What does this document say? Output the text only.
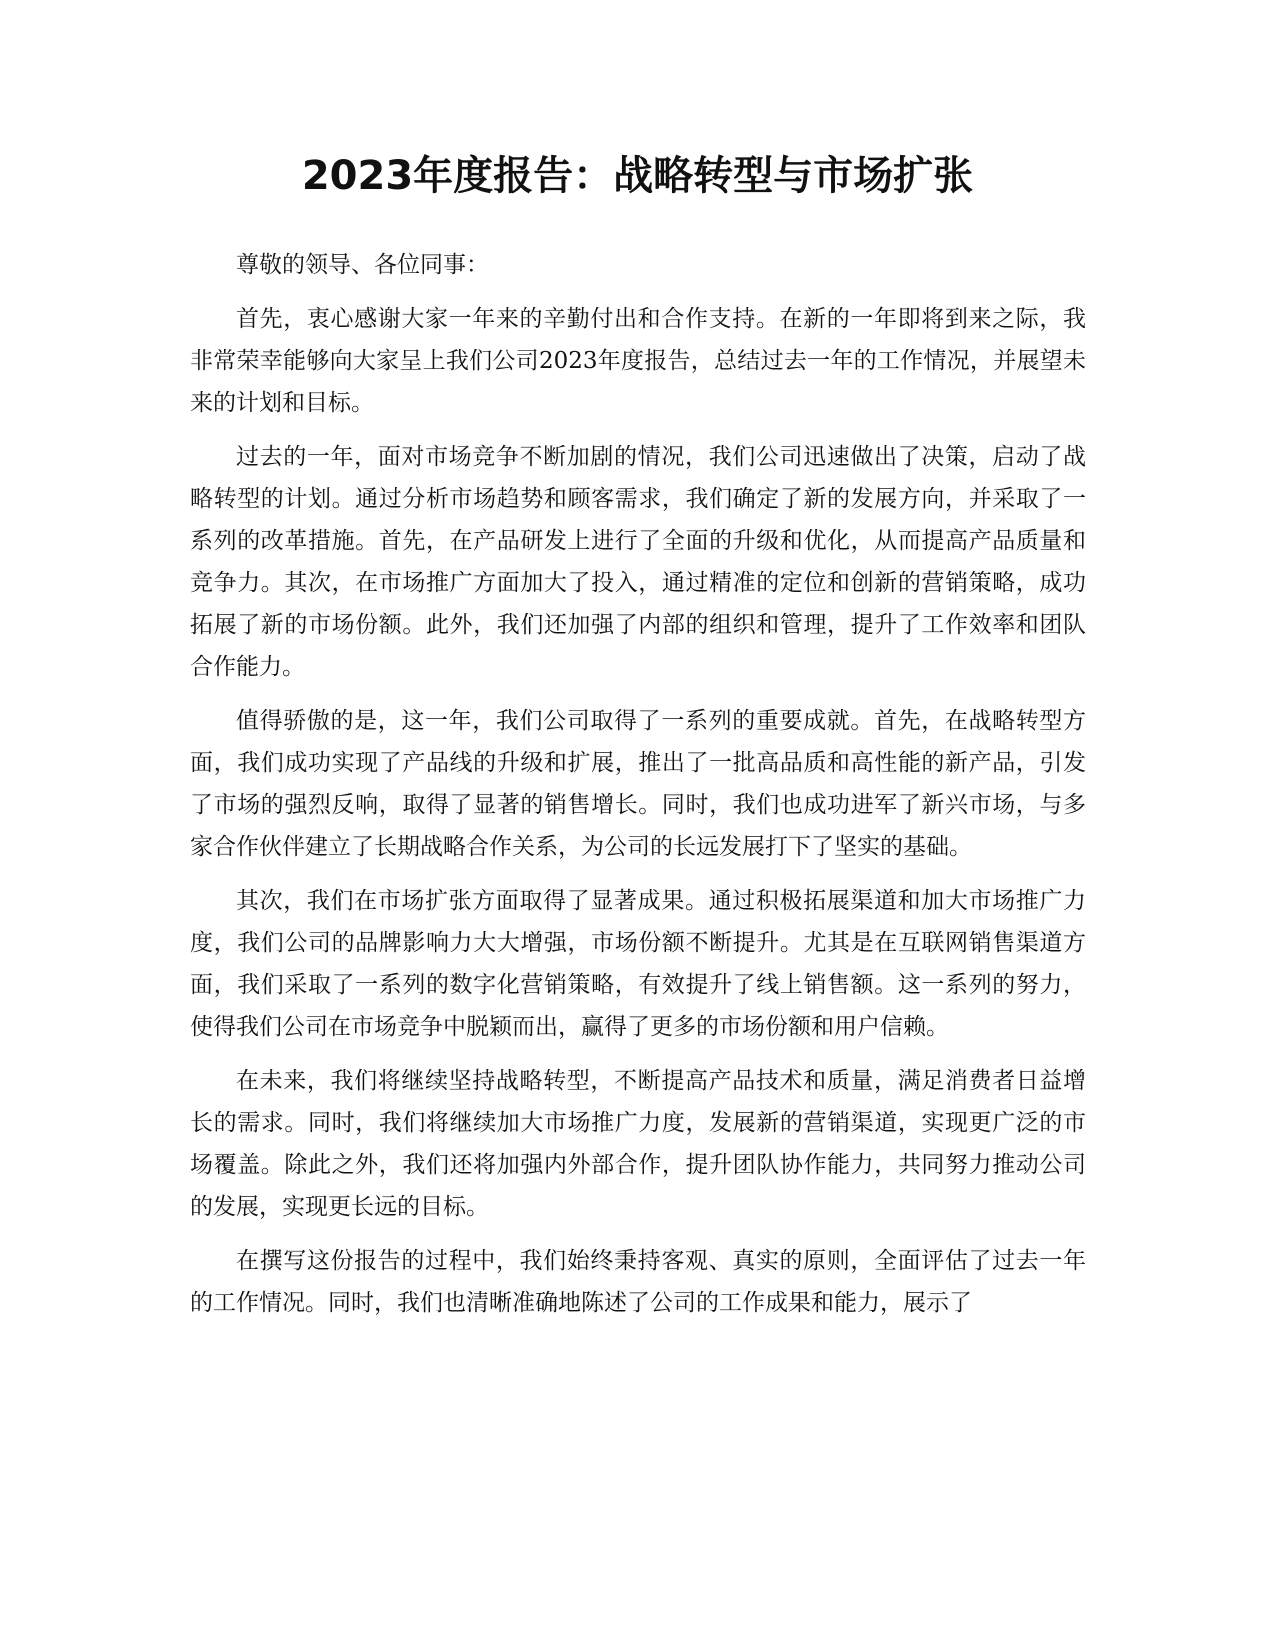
2023年度报告：战略转型与市场扩张

尊敬的领导、各位同事：

首先，衷心感谢大家一年来的辛勤付出和合作支持。在新的一年即将到来之际，我非常荣幸能够向大家呈上我们公司2023年度报告，总结过去一年的工作情况，并展望未来的计划和目标。

过去的一年，面对市场竞争不断加剧的情况，我们公司迅速做出了决策，启动了战略转型的计划。通过分析市场趋势和顾客需求，我们确定了新的发展方向，并采取了一系列的改革措施。首先，在产品研发上进行了全面的升级和优化，从而提高产品质量和竞争力。其次，在市场推广方面加大了投入，通过精准的定位和创新的营销策略，成功拓展了新的市场份额。此外，我们还加强了内部的组织和管理，提升了工作效率和团队合作能力。

值得骄傲的是，这一年，我们公司取得了一系列的重要成就。首先，在战略转型方面，我们成功实现了产品线的升级和扩展，推出了一批高品质和高性能的新产品，引发了市场的强烈反响，取得了显著的销售增长。同时，我们也成功进军了新兴市场，与多家合作伙伴建立了长期战略合作关系，为公司的长远发展打下了坚实的基础。

其次，我们在市场扩张方面取得了显著成果。通过积极拓展渠道和加大市场推广力度，我们公司的品牌影响力大大增强，市场份额不断提升。尤其是在互联网销售渠道方面，我们采取了一系列的数字化营销策略，有效提升了线上销售额。这一系列的努力，使得我们公司在市场竞争中脱颖而出，赢得了更多的市场份额和用户信赖。

在未来，我们将继续坚持战略转型，不断提高产品技术和质量，满足消费者日益增长的需求。同时，我们将继续加大市场推广力度，发展新的营销渠道，实现更广泛的市场覆盖。除此之外，我们还将加强内外部合作，提升团队协作能力，共同努力推动公司的发展，实现更长远的目标。

在撰写这份报告的过程中，我们始终秉持客观、真实的原则，全面评估了过去一年的工作情况。同时，我们也清晰准确地陈述了公司的工作成果和能力，展示了
